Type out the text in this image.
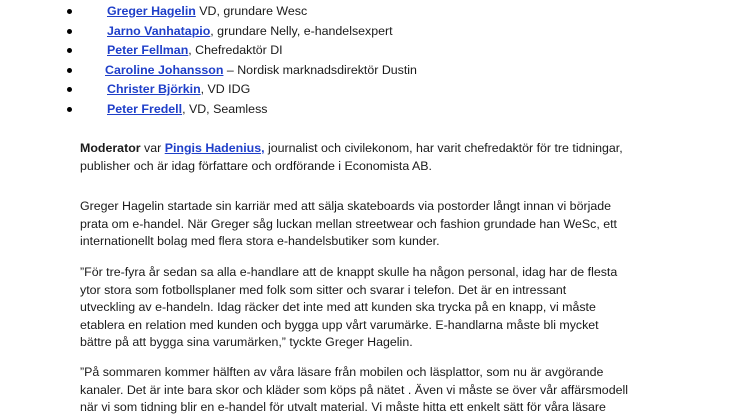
Greger Hagelin VD, grundare Wesc
Jarno Vanhatapio, grundare Nelly, e-handelsexpert
Peter Fellman, Chefredaktör DI
Caroline Johansson – Nordisk marknadsdirektör Dustin
Christer Björkin, VD IDG
Peter Fredell, VD, Seamless

Moderator var Pingis Hadenius, journalist och civilekonom, har varit chefredaktör för tre tidningar,
publisher och är idag författare och ordförande i Economista AB.

Greger Hagelin startade sin karriär med att sälja skateboards via postorder långt innan vi började
prata om e-handel. När Greger såg luckan mellan streetwear och fashion grundade han WeSc, ett
internationellt bolag med flera stora e-handelsbutiker som kunder.

”För tre-fyra år sedan sa alla e-handlare att de knappt skulle ha någon personal, idag har de flesta
ytor stora som fotbollsplaner med folk som sitter och svarar i telefon. Det är en intressant
utveckling av e-handeln. Idag räcker det inte med att kunden ska trycka på en knapp, vi måste
etablera en relation med kunden och bygga upp vårt varumärke. E-handlarna måste bli mycket
bättre på att bygga sina varumärken,” tyckte Greger Hagelin.

”På sommaren kommer hälften av våra läsare från mobilen och läsplattor, som nu är avgörande
kanaler. Det är inte bara skor och kläder som köps på nätet . Även vi måste se över vår affärsmodell
när vi som tidning blir en e-handel för utvalt material. Vi måste hitta ett enkelt sätt för våra läsare
